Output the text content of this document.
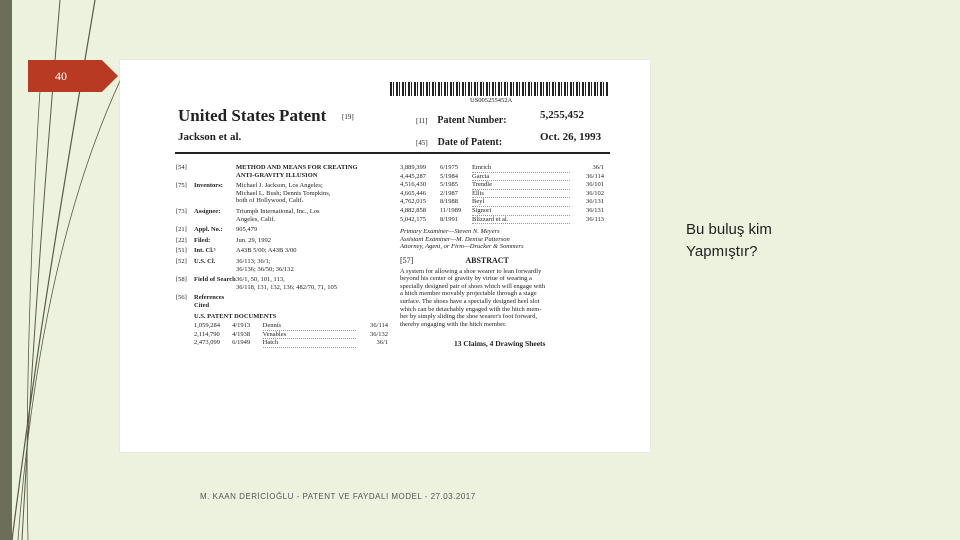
40
US005255452A
United States Patent [19]
Jackson et al.
[11] Patent Number:	5,255,452
[45] Date of Patent:	Oct. 26, 1993
[54]	METHOD AND MEANS FOR CREATING
ANTI-GRAVITY ILLUSION
[75]	Inventors:	Michael J. Jackson, Los Angeles;
Michael L. Bush; Dennis Tompkins,
both of Hollywood, Calif.
[73]	Assignee:	Triumph International, Inc., Los
Angeles, Calif.
[21]	Appl. No.:	905,479
[22]	Filed:	Jun. 29, 1992
[51]	Int. Cl.⁵	A43B 5/00; A43B 3/00
[52]	U.S. Cl.	36/113; 36/1;
36/136; 36/50; 36/132
[58]	Field of Search 36/1, 50, 101, 113,
36/118, 131, 132, 136; 482/70, 71, 105
[56]	References Cited
U.S. PATENT DOCUMENTS
1,059,284	4/1913	Dennis	36/114
2,114,790	4/1938	Venables	36/132
2,473,099	6/1949	Hatch	36/1
3,889,399	6/1975	Emrich	36/1
4,445,287	5/1984	Garcia	36/114
4,516,430	5/1985	Trendle	36/101
4,665,446	2/1987	Ellis	36/102
4,762,015	8/1988	Beyl	36/131
4,882,858	11/1989	Signori	36/131
5,042,175	8/1991	Blizzard et al.	36/113
Primary Examiner—Steven N. Meyers
Assistant Examiner—M. Denise Patterson
Attorney, Agent, or Firm—Drucker & Sommers
[57]	ABSTRACT
A system for allowing a shoe wearer to lean forwardly
beyond his center of gravity by virtue of wearing a
specially designed pair of shoes which will engage with
a hitch member movably projectable through a stage
surface. The shoes have a specially designed heel slot
which can be detachably engaged with the hitch mem-
ber by simply sliding the shoe wearer's foot forward,
thereby engaging with the hitch member.
13 Claims, 4 Drawing Sheets
Bu buluş kim
Yapmıştır?
M. KAAN DERİCİOĞLU - PATENT VE FAYDALI MODEL - 27.03.2017
